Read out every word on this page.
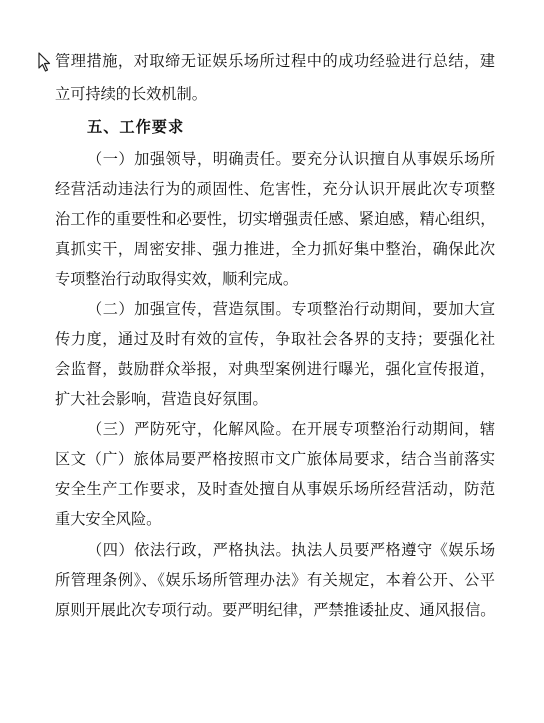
管理措施，对取缔无证娱乐场所过程中的成功经验进行总结，建
立可持续的长效机制。
五、工作要求
（一）加强领导，明确责任。要充分认识擅自从事娱乐场所
经营活动违法行为的顽固性、危害性，充分认识开展此次专项整
治工作的重要性和必要性，切实增强责任感、紧迫感，精心组织，
真抓实干，周密安排、强力推进，全力抓好集中整治，确保此次
专项整治行动取得实效，顺利完成。
（二）加强宣传，营造氛围。专项整治行动期间，要加大宣
传力度，通过及时有效的宣传，争取社会各界的支持；要强化社
会监督，鼓励群众举报，对典型案例进行曝光，强化宣传报道，
扩大社会影响，营造良好氛围。
（三）严防死守，化解风险。在开展专项整治行动期间，辖
区文（广）旅体局要严格按照市文广旅体局要求，结合当前落实
安全生产工作要求，及时查处擅自从事娱乐场所经营活动，防范
重大安全风险。
（四）依法行政，严格执法。执法人员要严格遵守《娱乐场
所管理条例》、《娱乐场所管理办法》有关规定，本着公开、公平
原则开展此次专项行动。要严明纪律，严禁推诿扯皮、通风报信。
